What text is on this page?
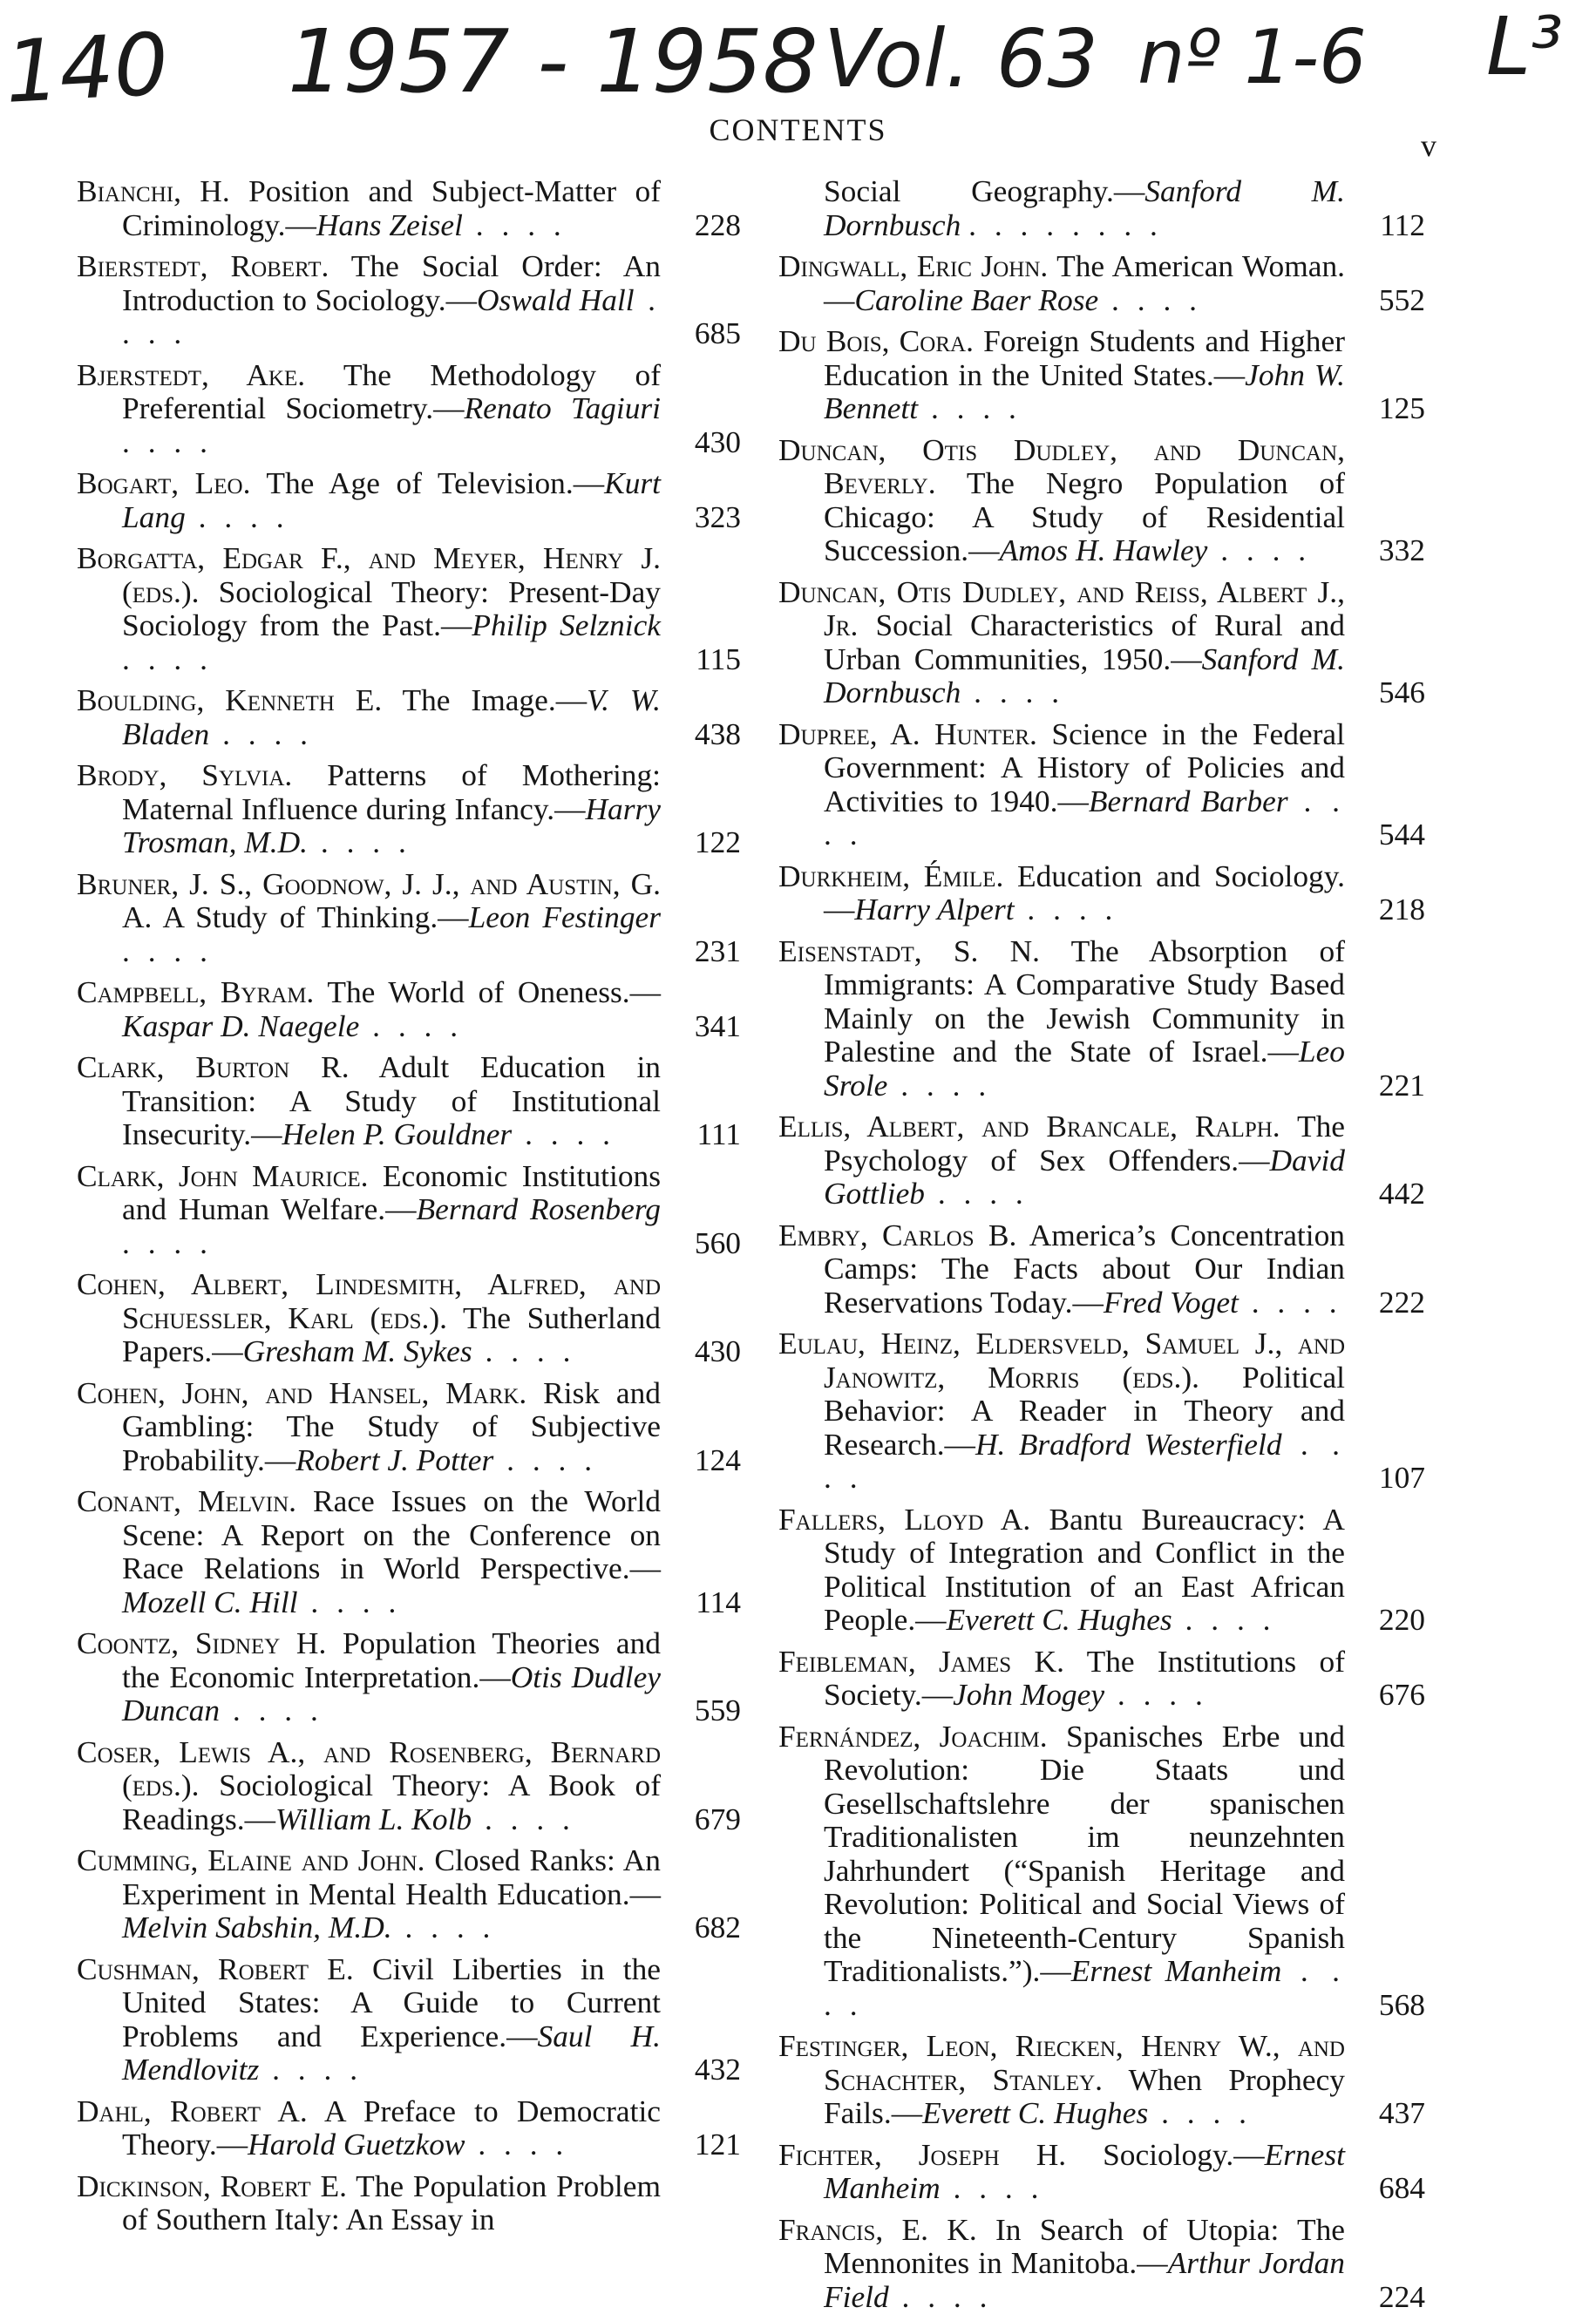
140 1957 - 1958 Vol. 63 nº 1-6 L³
CONTENTS	v
Bianchi, H. Position and Subject-Matter of Criminology.—Hans Zeisel . . . .	228
Bierstedt, Robert. The Social Order: An Introduction to Sociology.—Oswald Hall . . . .	685
Bjerstedt, Ake. The Methodology of Preferential Sociometry.—Renato Tagiuri . . . .	430
Bogart, Leo. The Age of Television.—Kurt Lang . . . .	323
Borgatta, Edgar F., and Meyer, Henry J. (eds.). Sociological Theory: Present-Day Sociology from the Past.—Philip Selznick . . . .	115
Boulding, Kenneth E. The Image.—V. W. Bladen . . . .	438
Brody, Sylvia. Patterns of Mothering: Maternal Influence during Infancy.—Harry Trosman, M.D. . . . .	122
Bruner, J. S., Goodnow, J. J., and Austin, G. A. A Study of Thinking.—Leon Festinger . . . .	231
Campbell, Byram. The World of Oneness.—Kaspar D. Naegele . . . .	341
Clark, Burton R. Adult Education in Transition: A Study of Institutional Insecurity.—Helen P. Gouldner . . . .	111
Clark, John Maurice. Economic Institutions and Human Welfare.—Bernard Rosenberg . . . .	560
Cohen, Albert, Lindesmith, Alfred, and Schuessler, Karl (eds.). The Sutherland Papers.—Gresham M. Sykes . . . .	430
Cohen, John, and Hansel, Mark. Risk and Gambling: The Study of Subjective Probability.—Robert J. Potter . . . .	124
Conant, Melvin. Race Issues on the World Scene: A Report on the Conference on Race Relations in World Perspective.—Mozell C. Hill . . . .	114
Coontz, Sidney H. Population Theories and the Economic Interpretation.—Otis Dudley Duncan . . . .	559
Coser, Lewis A., and Rosenberg, Bernard (eds.). Sociological Theory: A Book of Readings.—William L. Kolb . . . .	679
Cumming, Elaine and John. Closed Ranks: An Experiment in Mental Health Education.—Melvin Sabshin, M.D. . . . .	682
Cushman, Robert E. Civil Liberties in the United States: A Guide to Current Problems and Experience.—Saul H. Mendlovitz . . . .	432
Dahl, Robert A. A Preface to Democratic Theory.—Harold Guetzkow . . . .	121
Dickinson, Robert E. The Population Problem of Southern Italy: An Essay in
Social Geography.—Sanford M. Dornbusch . . . . . . . .	112
Dingwall, Eric John. The American Woman.—Caroline Baer Rose . . . .	552
Du Bois, Cora. Foreign Students and Higher Education in the United States.—John W. Bennett . . . .	125
Duncan, Otis Dudley, and Duncan, Beverly. The Negro Population of Chicago: A Study of Residential Succession.—Amos H. Hawley . . . .	332
Duncan, Otis Dudley, and Reiss, Albert J., Jr. Social Characteristics of Rural and Urban Communities, 1950.—Sanford M. Dornbusch . . . .	546
Dupree, A. Hunter. Science in the Federal Government: A History of Policies and Activities to 1940.—Bernard Barber . . . .	544
Durkheim, Émile. Education and Sociology.—Harry Alpert . . . .	218
Eisenstadt, S. N. The Absorption of Immigrants: A Comparative Study Based Mainly on the Jewish Community in Palestine and the State of Israel.—Leo Srole . . . .	221
Ellis, Albert, and Brancale, Ralph. The Psychology of Sex Offenders.—David Gottlieb . . . .	442
Embry, Carlos B. America’s Concentration Camps: The Facts about Our Indian Reservations Today.—Fred Voget . . . .	222
Eulau, Heinz, Eldersveld, Samuel J., and Janowitz, Morris (eds.). Political Behavior: A Reader in Theory and Research.—H. Bradford Westerfield . . . .	107
Fallers, Lloyd A. Bantu Bureaucracy: A Study of Integration and Conflict in the Political Institution of an East African People.—Everett C. Hughes . . . .	220
Feibleman, James K. The Institutions of Society.—John Mogey . . . .	676
Fernández, Joachim. Spanisches Erbe und Revolution: Die Staats und Gesellschaftslehre der spanischen Traditionalisten im neunzehnten Jahrhundert (“Spanish Heritage and Revolution: Political and Social Views of the Nineteenth-Century Spanish Traditionalists.”).—Ernest Manheim . . . .	568
Festinger, Leon, Riecken, Henry W., and Schachter, Stanley. When Prophecy Fails.—Everett C. Hughes . . . .	437
Fichter, Joseph H. Sociology.—Ernest Manheim . . . .	684
Francis, E. K. In Search of Utopia: The Mennonites in Manitoba.—Arthur Jordan Field . . . .	224
